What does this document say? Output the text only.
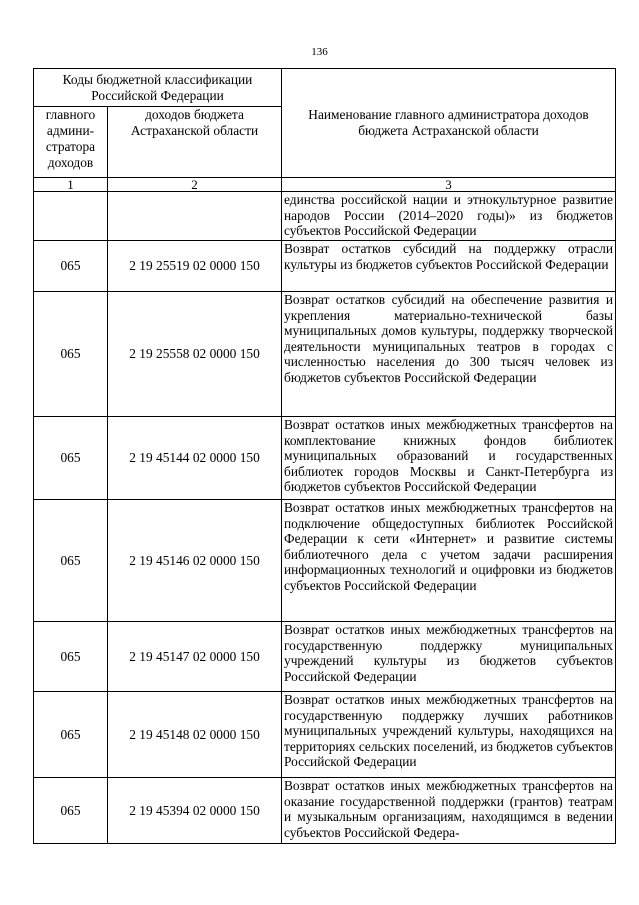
136
Коды бюджетной классификации Российской Федерации		Наименование главного администратора доходов бюджета Астраханской области
главного админи-стратора доходов	доходов бюджета Астраханской области	
1	2	3
		единства российской нации и этнокультурное развитие народов России (2014–2020 годы)» из бюджетов субъектов Российской Федерации
065	2 19 25519 02 0000 150	Возврат остатков субсидий на поддержку отрасли культуры из бюджетов субъектов Российской Федерации
065	2 19 25558 02 0000 150	Возврат остатков субсидий на обеспечение развития и укрепления материально-технической базы муниципальных домов культуры, поддержку творческой деятельности муниципальных театров в городах с численностью населения до 300 тысяч человек из бюджетов субъектов Российской Федерации
065	2 19 45144 02 0000 150	Возврат остатков иных межбюджетных трансфертов на комплектование книжных фондов библиотек муниципальных образований и государственных библиотек городов Москвы и Санкт-Петербурга из бюджетов субъектов Российской Федерации
065	2 19 45146 02 0000 150	Возврат остатков иных межбюджетных трансфертов на подключение общедоступных библиотек Российской Федерации к сети «Интернет» и развитие системы библиотечного дела с учетом задачи расширения информационных технологий и оцифровки из бюджетов субъектов Российской Федерации
065	2 19 45147 02 0000 150	Возврат остатков иных межбюджетных трансфертов на государственную поддержку муниципальных учреждений культуры из бюджетов субъектов Российской Федерации
065	2 19 45148 02 0000 150	Возврат остатков иных межбюджетных трансфертов на государственную поддержку лучших работников муниципальных учреждений культуры, находящихся на территориях сельских поселений, из бюджетов субъектов Российской Федерации
065	2 19 45394 02 0000 150	Возврат остатков иных межбюджетных трансфертов на оказание государственной поддержки (грантов) театрам и музыкальным организациям, находящимся в ведении субъектов Российской Федера-
